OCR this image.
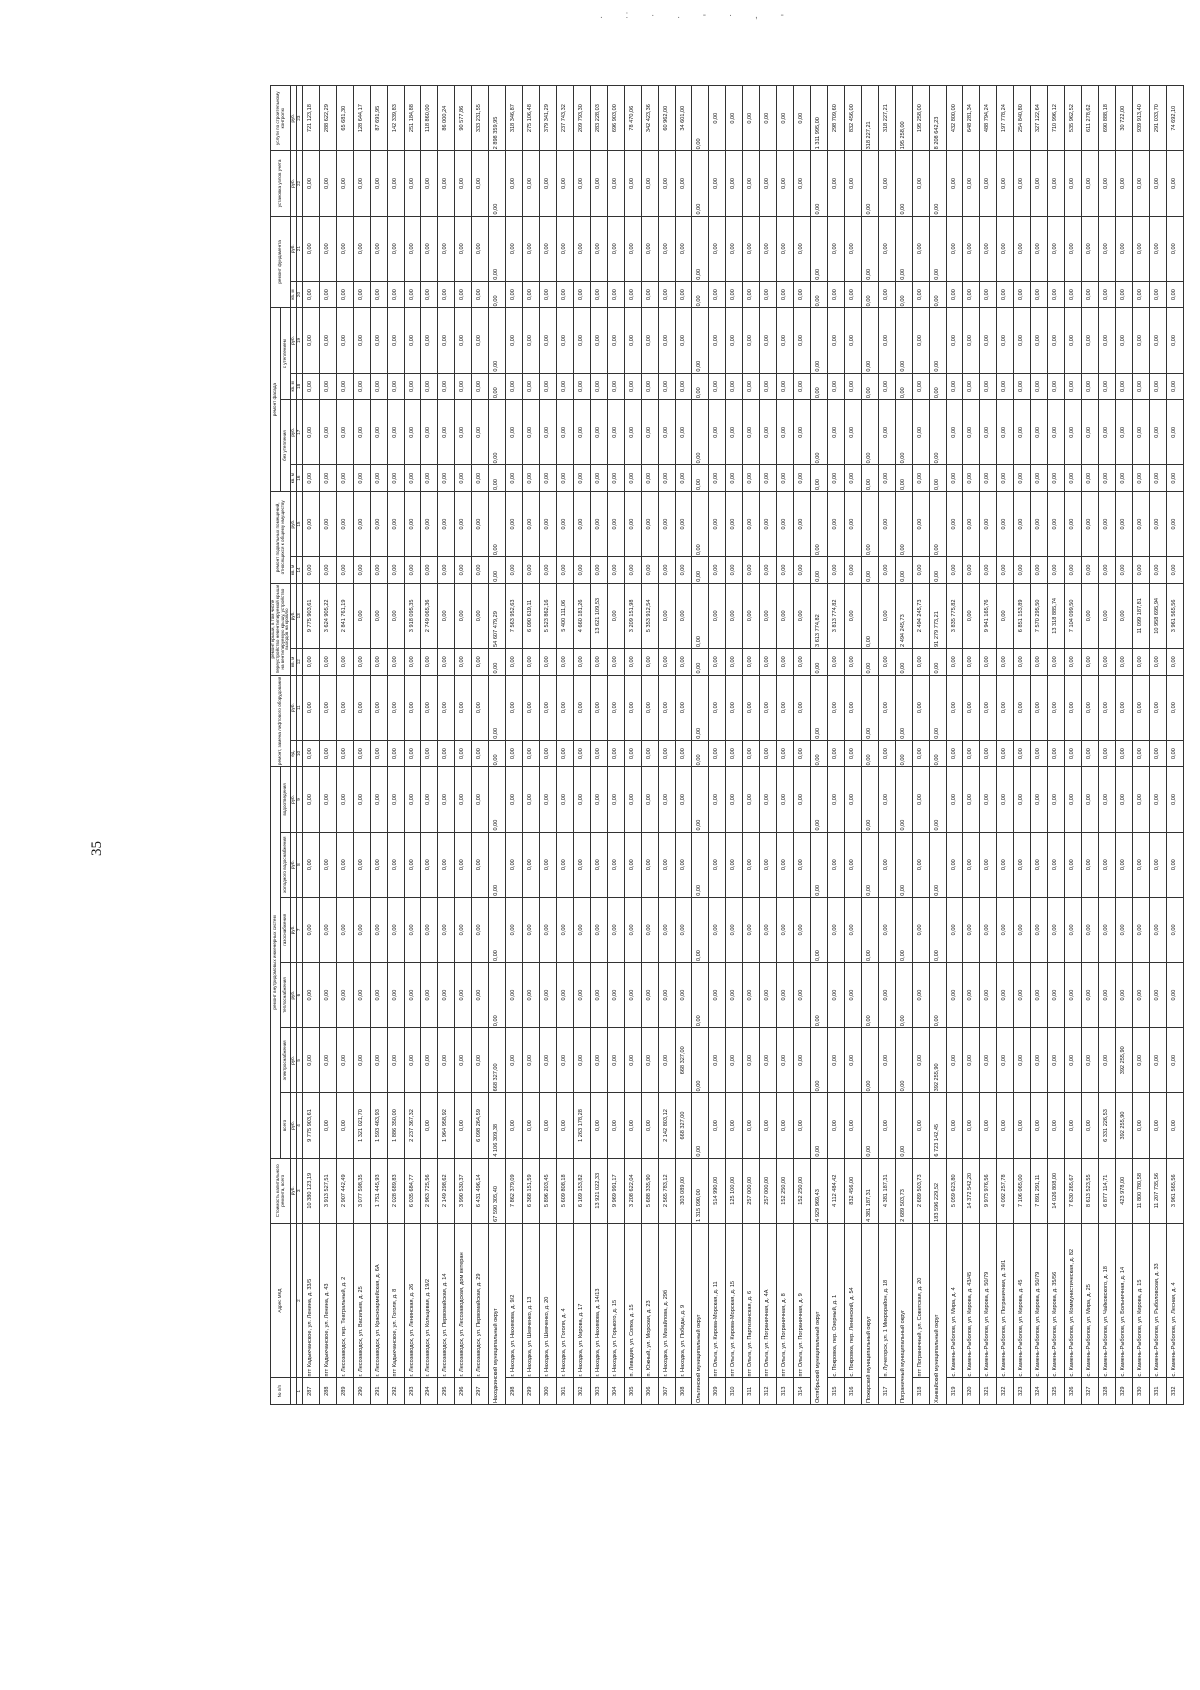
. : · . - · , -
35
№ п/п	Адрес МКД	Стоимость капитального ремонта, всего	ремонт внутридомовых инженерных систем						ремонт, замена лифтового оборудования		ремонт крыши, в том числе переустройство невентилируемой крыши на вентилируемую крышу, устройство выходов на кровлю		ремонт подвальных помещений, относящихся к общему имуществу		ремонт фасада				ремонт фундамента		установка узлов учета	услуги по строительному контролю
			всего	электроснабжения	теплоснабжения	газоснабжения	холодного водоснабжения	водоотведения							без утепления		с утеплением					
		руб.	руб.	руб.	руб.	руб.	руб.	руб.	ед.	руб.	кв. м	руб.	кв. м	руб.	кв. м	руб.	кв. м	руб.	кв. м	руб.	руб.	руб.
1	2	3	4	5	6	7	8	9	10	11	12	13	14	15	16	17	18	19	20	21	22	23
287	пгт Кадыкчанское, ул. Ленина, д. 33/5	10 380 123,19	9 775 903,61	0,00	0,00	0,00	0,00	0,00	0,00	0,00	0,00	9 775 903,61	0,00	0,00	0,00	0,00	0,00	0,00	0,00	0,00	0,00	721 123,18
288	пгт Кадыкчанское, ул. Ленина, д. 43	3 913 527,51	0,00	0,00	0,00	0,00	0,00	0,00	0,00	0,00	0,00	3 624 905,22	0,00	0,00	0,00	0,00	0,00	0,00	0,00	0,00	0,00	288 622,29
289	г. Лесозаводск, пер. Театральный, д. 2	2 907 442,49	0,00	0,00	0,00	0,00	0,00	0,00	0,00	0,00	0,00	2 841 761,19	0,00	0,00	0,00	0,00	0,00	0,00	0,00	0,00	0,00	65 681,30
290	г. Лесозаводск, ул. Васильев, д. 25	3 077 598,35	1 321 021,70	0,00	0,00	0,00	0,00	0,00	0,00	0,00	0,00	0,00	0,00	0,00	0,00	0,00	0,00	0,00	0,00	0,00	0,00	128 644,17
291	г. Лесозаводск, ул. Красноармейская, д. 6А	1 751 445,93	1 593 463,93	0,00	0,00	0,00	0,00	0,00	0,00	0,00	0,00	0,00	0,00	0,00	0,00	0,00	0,00	0,00	0,00	0,00	0,00	87 691,95
292	пгт Кадыкчанское, ул. Гоголя, д. 8	2 028 689,83	1 886 350,00	0,00	0,00	0,00	0,00	0,00	0,00	0,00	0,00	0,00	0,00	0,00	0,00	0,00	0,00	0,00	0,00	0,00	0,00	142 339,83
293	г. Лесозаводск, ул. Ленинская, д. 26	6 035 684,77	2 237 367,32	0,00	0,00	0,00	0,00	0,00	0,00	0,00	0,00	3 918 095,35	0,00	0,00	0,00	0,00	0,00	0,00	0,00	0,00	0,00	251 184,88
294	г. Лесозаводск, ул. Кольцевая, д. 19/2	2 963 725,56	0,00	0,00	0,00	0,00	0,00	0,00	0,00	0,00	0,00	2 749 065,36	0,00	0,00	0,00	0,00	0,00	0,00	0,00	0,00	0,00	118 860,00
295	г. Лесозаводск, ул. Первомайская, д. 14	2 149 298,62	1 964 958,92	0,00	0,00	0,00	0,00	0,00	0,00	0,00	0,00	0,00	0,00	0,00	0,00	0,00	0,00	0,00	0,00	0,00	0,00	86 000,24
296	г. Лесозаводск, ул. Лесозаводская, дом ветеран	3 990 530,37	0,00	0,00	0,00	0,00	0,00	0,00	0,00	0,00	0,00	0,00	0,00	0,00	0,00	0,00	0,00	0,00	0,00	0,00	0,00	90 577,86
297	г. Лесозаводск, ул. Первомайская, д. 29	6 431 496,14	6 098 264,59	0,00	0,00	0,00	0,00	0,00	0,00	0,00	0,00	0,00	0,00	0,00	0,00	0,00	0,00	0,00	0,00	0,00	0,00	333 231,55
Находкинский муниципальный округ		67 590 305,40	4 106 309,38	668 327,00	0,00	0,00	0,00	0,00	0,00	0,00	0,00	54 607 479,29	0,00	0,00	0,00	0,00	0,00	0,00	0,00	0,00	0,00	2 898 359,95
298	г. Находка, ул. Нахимова, д. 9/2	7 862 379,09	0,00	0,00	0,00	0,00	0,00	0,00	0,00	0,00	0,00	7 563 952,63	0,00	0,00	0,00	0,00	0,00	0,00	0,00	0,00	0,00	318 346,87
299	г. Находка, ул. Шевченко, д. 13	6 368 151,59	0,00	0,00	0,00	0,00	0,00	0,00	0,00	0,00	0,00	6 090 619,11	0,00	0,00	0,00	0,00	0,00	0,00	0,00	0,00	0,00	275 106,48
300	г. Находка, ул. Шевченко, д. 20	5 896 203,45	0,00	0,00	0,00	0,00	0,00	0,00	0,00	0,00	0,00	5 523 862,16	0,00	0,00	0,00	0,00	0,00	0,00	0,00	0,00	0,00	379 341,29
301	г. Находка, ул. Гоголя, д. 4	5 609 808,18	0,00	0,00	0,00	0,00	0,00	0,00	0,00	0,00	0,00	5 400 111,06	0,00	0,00	0,00	0,00	0,00	0,00	0,00	0,00	0,00	237 743,32
302	г. Находка, ул. Кирова, д. 17	6 169 153,82	1 263 178,28	0,00	0,00	0,00	0,00	0,00	0,00	0,00	0,00	4 660 181,26	0,00	0,00	0,00	0,00	0,00	0,00	0,00	0,00	0,00	209 793,30
303	г. Находка, ул. Нахимова, д. 14/13	13 921 022,33	0,00	0,00	0,00	0,00	0,00	0,00	0,00	0,00	0,00	13 621 109,53	0,00	0,00	0,00	0,00	0,00	0,00	0,00	0,00	0,00	283 228,03
304	г. Находка, ул. Горького, д. 15	9 969 991,17	0,00	0,00	0,00	0,00	0,00	0,00	0,00	0,00	0,00	0,00	0,00	0,00	0,00	0,00	0,00	0,00	0,00	0,00	0,00	696 903,00
305	п. Ливадия, ул. Сопка, д. 15	3 208 622,04	0,00	0,00	0,00	0,00	0,00	0,00	0,00	0,00	0,00	3 209 151,98	0,00	0,00	0,00	0,00	0,00	0,00	0,00	0,00	0,00	78 470,06
306	п. Южный, ул. Морская, д. 23	5 688 335,90	0,00	0,00	0,00	0,00	0,00	0,00	0,00	0,00	0,00	5 353 912,54	0,00	0,00	0,00	0,00	0,00	0,00	0,00	0,00	0,00	342 423,36
307	г. Находка, ул. Михайлова, д. 29б	2 565 783,12	2 142 803,12	0,00	0,00	0,00	0,00	0,00	0,00	0,00	0,00	0,00	0,00	0,00	0,00	0,00	0,00	0,00	0,00	0,00	0,00	60 962,00
308	г. Находка, ул. Победы, д. 9	303 089,00	668 327,00	668 327,00	0,00	0,00	0,00	0,00	0,00	0,00	0,00	0,00	0,00	0,00	0,00	0,00	0,00	0,00	0,00	0,00	0,00	34 601,00
Ольгинский муниципальный округ		1 315 090,00	0,00	0,00	0,00	0,00	0,00	0,00	0,00	0,00	0,00	0,00	0,00	0,00	0,00	0,00	0,00	0,00	0,00	0,00	0,00	0,00
309	пгт Ольга, ул. Кирова-Морская, д. 11	514 990,00	0,00	0,00	0,00	0,00	0,00	0,00	0,00	0,00	0,00	0,00	0,00	0,00	0,00	0,00	0,00	0,00	0,00	0,00	0,00	0,00
310	пгт Ольга, ул. Кирова-Морская, д. 15	125 100,00	0,00	0,00	0,00	0,00	0,00	0,00	0,00	0,00	0,00	0,00	0,00	0,00	0,00	0,00	0,00	0,00	0,00	0,00	0,00	0,00
311	пгт Ольга, ул. Партизанская, д. 6	257 000,00	0,00	0,00	0,00	0,00	0,00	0,00	0,00	0,00	0,00	0,00	0,00	0,00	0,00	0,00	0,00	0,00	0,00	0,00	0,00	0,00
312	пгт Ольга, ул. Пограничная, д. 4А	257 000,00	0,00	0,00	0,00	0,00	0,00	0,00	0,00	0,00	0,00	0,00	0,00	0,00	0,00	0,00	0,00	0,00	0,00	0,00	0,00	0,00
313	пгт Ольга, ул. Пограничная, д. 8	152 250,00	0,00	0,00	0,00	0,00	0,00	0,00	0,00	0,00	0,00	0,00	0,00	0,00	0,00	0,00	0,00	0,00	0,00	0,00	0,00	0,00
314	пгт Ольга, ул. Пограничная, д. 9	152 250,00	0,00	0,00	0,00	0,00	0,00	0,00	0,00	0,00	0,00	0,00	0,00	0,00	0,00	0,00	0,00	0,00	0,00	0,00	0,00	0,00
Октябрьский муниципальный округ		4 929 969,43	0,00	0,00	0,00	0,00	0,00	0,00	0,00	0,00	0,00	3 613 774,82	0,00	0,00	0,00	0,00	0,00	0,00	0,00	0,00	0,00	1 311 995,00
315	с. Покровка, пер. Озерный, д. 1	4 112 484,42	0,00	0,00	0,00	0,00	0,00	0,00	0,00	0,00	0,00	3 813 774,82	0,00	0,00	0,00	0,00	0,00	0,00	0,00	0,00	0,00	298 709,60
316	с. Покровка, пер. Ленинский, д. 54	832 456,00	0,00	0,00	0,00	0,00	0,00	0,00	0,00	0,00	0,00	0,00	0,00	0,00	0,00	0,00	0,00	0,00	0,00	0,00	0,00	832 456,00
Пожарский муниципальный округ		4 381 187,31	0,00	0,00	0,00	0,00	0,00	0,00	0,00	0,00	0,00	0,00	0,00	0,00	0,00	0,00	0,00	0,00	0,00	0,00	0,00	318 227,21
317	п. Лучегорск, ул. 1 Микрорайон, д. 18	4 381 187,31	0,00	0,00	0,00	0,00	0,00	0,00	0,00	0,00	0,00	0,00	0,00	0,00	0,00	0,00	0,00	0,00	0,00	0,00	0,00	318 227,21
Пограничный муниципальный округ		2 689 503,73	0,00	0,00	0,00	0,00	0,00	0,00	0,00	0,00	0,00	2 494 245,73	0,00	0,00	0,00	0,00	0,00	0,00	0,00	0,00	0,00	195 258,00
318	пгт Пограничный, ул. Советская, д. 20	2 689 503,73	0,00	0,00	0,00	0,00	0,00	0,00	0,00	0,00	0,00	2 494 245,73	0,00	0,00	0,00	0,00	0,00	0,00	0,00	0,00	0,00	195 258,00
Ханкайский муниципальный округ		183 596 229,52	6 723 142,45	392 255,90	0,00	0,00	0,00	0,00	0,00	0,00	0,00	91 279 773,21	0,00	0,00	0,00	0,00	0,00	0,00	0,00	0,00	0,00	8 208 642,23
319	с. Камень-Рыболов, ул. Мира, д. 4	5 059 623,80	0,00	0,00	0,00	0,00	0,00	0,00	0,00	0,00	0,00	3 835 775,82	0,00	0,00	0,00	0,00	0,00	0,00	0,00	0,00	0,00	432 800,00
320	с. Камень-Рыболов, ул. Кирова, д. 43/45	14 372 542,20	0,00	0,00	0,00	0,00	0,00	0,00	0,00	0,00	0,00	0,00	0,00	0,00	0,00	0,00	0,00	0,00	0,00	0,00	0,00	648 281,34
321	с. Камень-Рыболов, ул. Кирова, д. 50/79	9 973 976,56	0,00	0,00	0,00	0,00	0,00	0,00	0,00	0,00	0,00	9 941 165,76	0,00	0,00	0,00	0,00	0,00	0,00	0,00	0,00	0,00	488 794,24
322	с. Камень-Рыболов, ул. Пограничная, д. 39/1	4 092 257,78	0,00	0,00	0,00	0,00	0,00	0,00	0,00	0,00	0,00	0,00	0,00	0,00	0,00	0,00	0,00	0,00	0,00	0,00	0,00	197 778,24
323	с. Камень-Рыболов, ул. Кирова, д. 45	7 106 065,00	0,00	0,00	0,00	0,00	0,00	0,00	0,00	0,00	0,00	6 851 153,89	0,00	0,00	0,00	0,00	0,00	0,00	0,00	0,00	0,00	254 840,80
324	с. Камень-Рыболов, ул. Кирова, д. 50/79	7 891 291,11	0,00	0,00	0,00	0,00	0,00	0,00	0,00	0,00	0,00	7 570 295,50	0,00	0,00	0,00	0,00	0,00	0,00	0,00	0,00	0,00	327 122,64
325	с. Камень-Рыболов, ул. Кирова, д. 35/56	14 026 808,00	0,00	0,00	0,00	0,00	0,00	0,00	0,00	0,00	0,00	13 318 885,74	0,00	0,00	0,00	0,00	0,00	0,00	0,00	0,00	0,00	710 996,12
326	с. Камень-Рыболов, ул. Коммунистическая, д. 82	7 630 265,67	0,00	0,00	0,00	0,00	0,00	0,00	0,00	0,00	0,00	7 104 099,50	0,00	0,00	0,00	0,00	0,00	0,00	0,00	0,00	0,00	535 962,52
327	с. Камень-Рыболов, ул. Мира, д. 25	8 613 523,55	0,00	0,00	0,00	0,00	0,00	0,00	0,00	0,00	0,00	0,00	0,00	0,00	0,00	0,00	0,00	0,00	0,00	0,00	0,00	611 278,62
328	с. Камень-Рыболов, ул. Чайковского, д. 18	6 877 114,71	6 331 226,53	0,00	0,00	0,00	0,00	0,00	0,00	0,00	0,00	0,00	0,00	0,00	0,00	0,00	0,00	0,00	0,00	0,00	0,00	690 888,18
329	с. Камень-Рыболов, ул. Больничная, д. 14	423 978,00	392 255,90	392 255,90	0,00	0,00	0,00	0,00	0,00	0,00	0,00	0,00	0,00	0,00	0,00	0,00	0,00	0,00	0,00	0,00	0,00	30 722,00
330	с. Камень-Рыболов, ул. Кирова, д. 15	11 800 780,58	0,00	0,00	0,00	0,00	0,00	0,00	0,00	0,00	0,00	11 099 187,81	0,00	0,00	0,00	0,00	0,00	0,00	0,00	0,00	0,00	939 913,40
331	с. Камень-Рыболов, ул. Рыболовская, д. 33	11 207 735,56	0,00	0,00	0,00	0,00	0,00	0,00	0,00	0,00	0,00	10 958 695,94	0,00	0,00	0,00	0,00	0,00	0,00	0,00	0,00	0,00	291 033,70
332	с. Камень-Рыболов, ул. Лесная, д. 4	3 961 565,56	0,00	0,00	0,00	0,00	0,00	0,00	0,00	0,00	0,00	3 961 565,56	0,00	0,00	0,00	0,00	0,00	0,00	0,00	0,00	0,00	74 692,10
